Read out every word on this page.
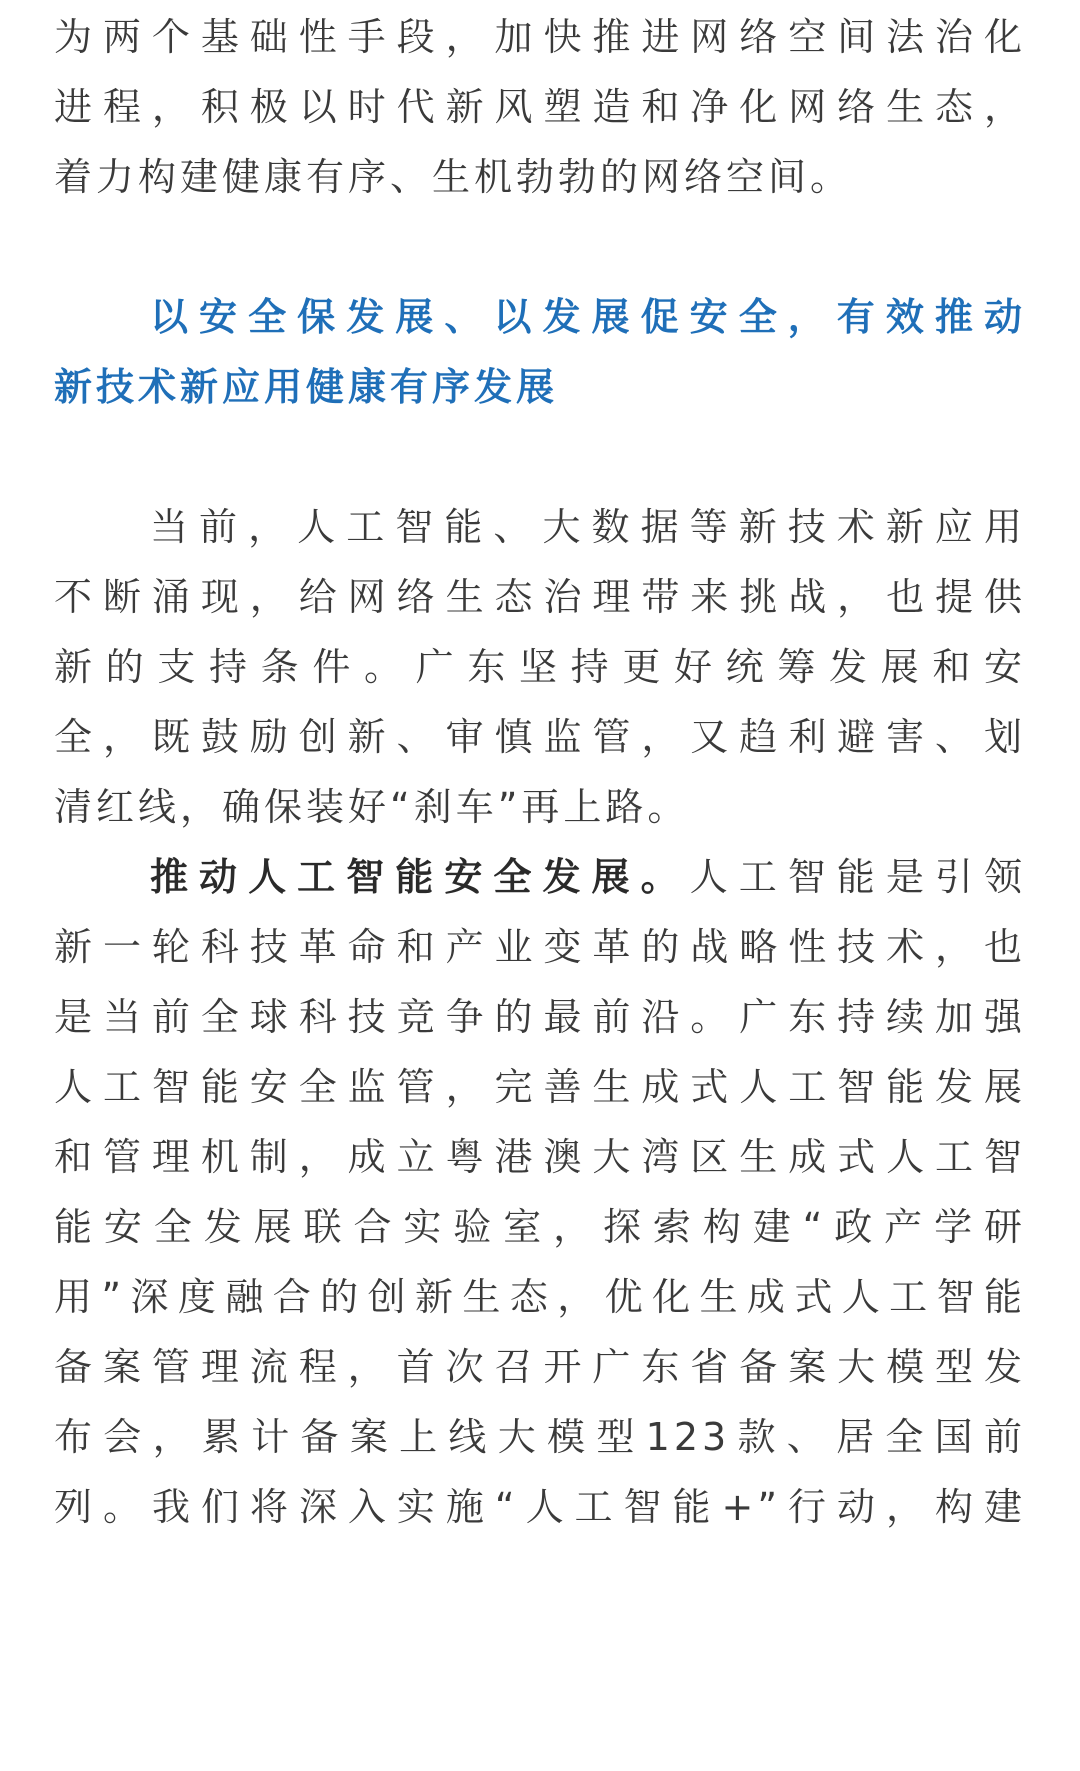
为两个基础性手段，加快推进网络空间法治化
进程，积极以时代新风塑造和净化网络生态，
着力构建健康有序、生机勃勃的网络空间。
以安全保发展、以发展促安全，有效推动
新技术新应用健康有序发展
当前，人工智能、大数据等新技术新应用
不断涌现，给网络生态治理带来挑战，也提供
新的支持条件。广东坚持更好统筹发展和安
全，既鼓励创新、审慎监管，又趋利避害、划
清红线，确保装好“刹车”再上路。
推动人工智能安全发展。人工智能是引领
新一轮科技革命和产业变革的战略性技术，也
是当前全球科技竞争的最前沿。广东持续加强
人工智能安全监管，完善生成式人工智能发展
和管理机制，成立粤港澳大湾区生成式人工智
能安全发展联合实验室，探索构建“政产学研
用”深度融合的创新生态，优化生成式人工智能
备案管理流程，首次召开广东省备案大模型发
布会，累计备案上线大模型123款、居全国前
列。我们将深入实施“人工智能+”行动，构建
